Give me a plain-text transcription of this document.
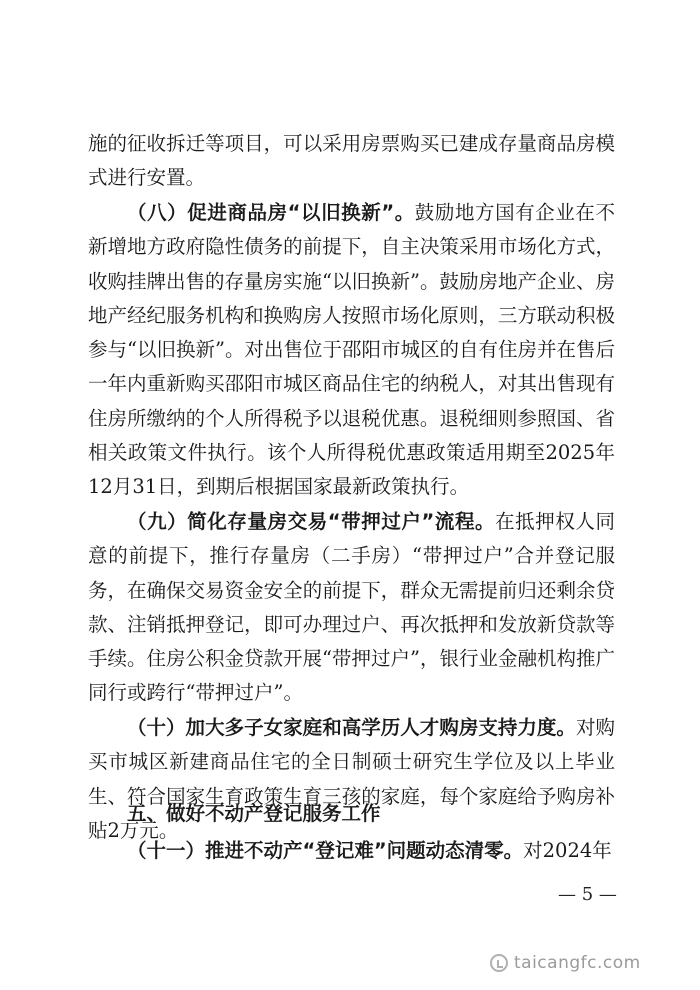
施的征收拆迁等项目，可以采用房票购买已建成存量商品房模式进行安置。

（八）促进商品房“以旧换新”。鼓励地方国有企业在不新增地方政府隐性债务的前提下，自主决策采用市场化方式，收购挂牌出售的存量房实施“以旧换新”。鼓励房地产企业、房地产经纪服务机构和换购房人按照市场化原则，三方联动积极参与“以旧换新”。对出售位于邵阳市城区的自有住房并在售后一年内重新购买邵阳市城区商品住宅的纳税人，对其出售现有住房所缴纳的个人所得税予以退税优惠。退税细则参照国、省相关政策文件执行。该个人所得税优惠政策适用期至2025年12月31日，到期后根据国家最新政策执行。

（九）简化存量房交易“带押过户”流程。在抵押权人同意的前提下，推行存量房（二手房）“带押过户”合并登记服务，在确保交易资金安全的前提下，群众无需提前归还剩余贷款、注销抵押登记，即可办理过户、再次抵押和发放新贷款等手续。住房公积金贷款开展“带押过户”，银行业金融机构推广同行或跨行“带押过户”。

（十）加大多子女家庭和高学历人才购房支持力度。对购买市城区新建商品住宅的全日制硕士研究生学位及以上毕业生、符合国家生育政策生育三孩的家庭，每个家庭给予购房补贴2万元。

五、做好不动产登记服务工作

（十一）推进不动产“登记难”问题动态清零。对2024年

— 5 —
taicangfc.com
